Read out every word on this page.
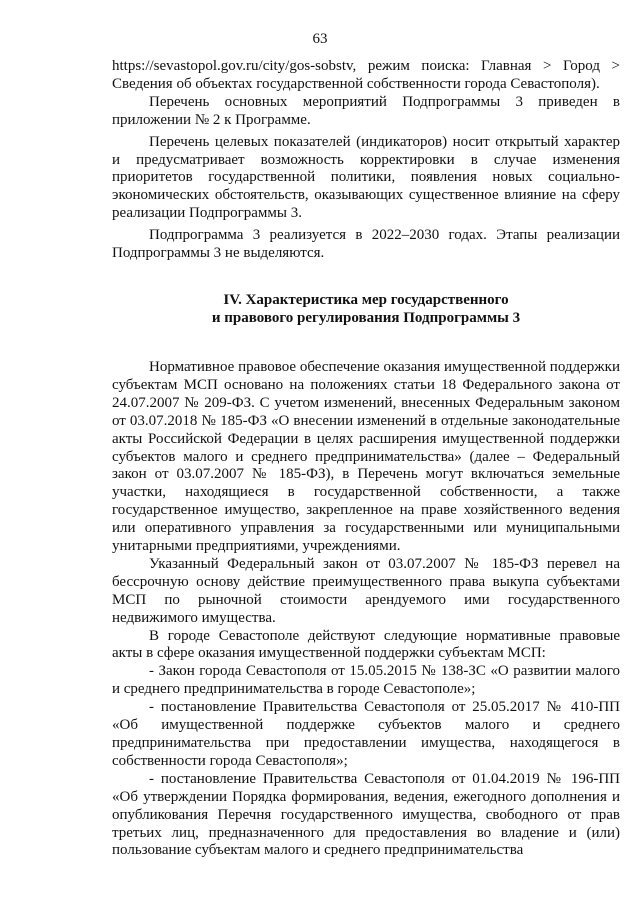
63

https://sevastopol.gov.ru/city/gos-sobstv, режим поиска: Главная > Город > Сведения об объектах государственной собственности города Севастополя).

Перечень основных мероприятий Подпрограммы 3 приведен в приложении № 2 к Программе.

Перечень целевых показателей (индикаторов) носит открытый характер и предусматривает возможность корректировки в случае изменения приоритетов государственной политики, появления новых социально-экономических обстоятельств, оказывающих существенное влияние на сферу реализации Подпрограммы 3.

Подпрограмма 3 реализуется в 2022–2030 годах. Этапы реализации Подпрограммы 3 не выделяются.

IV. Характеристика мер государственного
и правового регулирования Подпрограммы 3

Нормативное правовое обеспечение оказания имущественной поддержки субъектам МСП основано на положениях статьи 18 Федерального закона от 24.07.2007 № 209-ФЗ. С учетом изменений, внесенных Федеральным законом от 03.07.2018 № 185-ФЗ «О внесении изменений в отдельные законодательные акты Российской Федерации в целях расширения имущественной поддержки субъектов малого и среднего предпринимательства» (далее – Федеральный закон от 03.07.2007 № 185-ФЗ), в Перечень могут включаться земельные участки, находящиеся в государственной собственности, а также государственное имущество, закрепленное на праве хозяйственного ведения или оперативного управления за государственными или муниципальными унитарными предприятиями, учреждениями.

Указанный Федеральный закон от 03.07.2007 № 185-ФЗ перевел на бессрочную основу действие преимущественного права выкупа субъектами МСП по рыночной стоимости арендуемого ими государственного недвижимого имущества.

В городе Севастополе действуют следующие нормативные правовые акты в сфере оказания имущественной поддержки субъектам МСП:

- Закон города Севастополя от 15.05.2015 № 138-ЗС «О развитии малого и среднего предпринимательства в городе Севастополе»;

- постановление Правительства Севастополя от 25.05.2017 № 410-ПП «Об имущественной поддержке субъектов малого и среднего предпринимательства при предоставлении имущества, находящегося в собственности города Севастополя»;

- постановление Правительства Севастополя от 01.04.2019 № 196-ПП «Об утверждении Порядка формирования, ведения, ежегодного дополнения и опубликования Перечня государственного имущества, свободного от прав третьих лиц, предназначенного для предоставления во владение и (или) пользование субъектам малого и среднего предпринимательства
